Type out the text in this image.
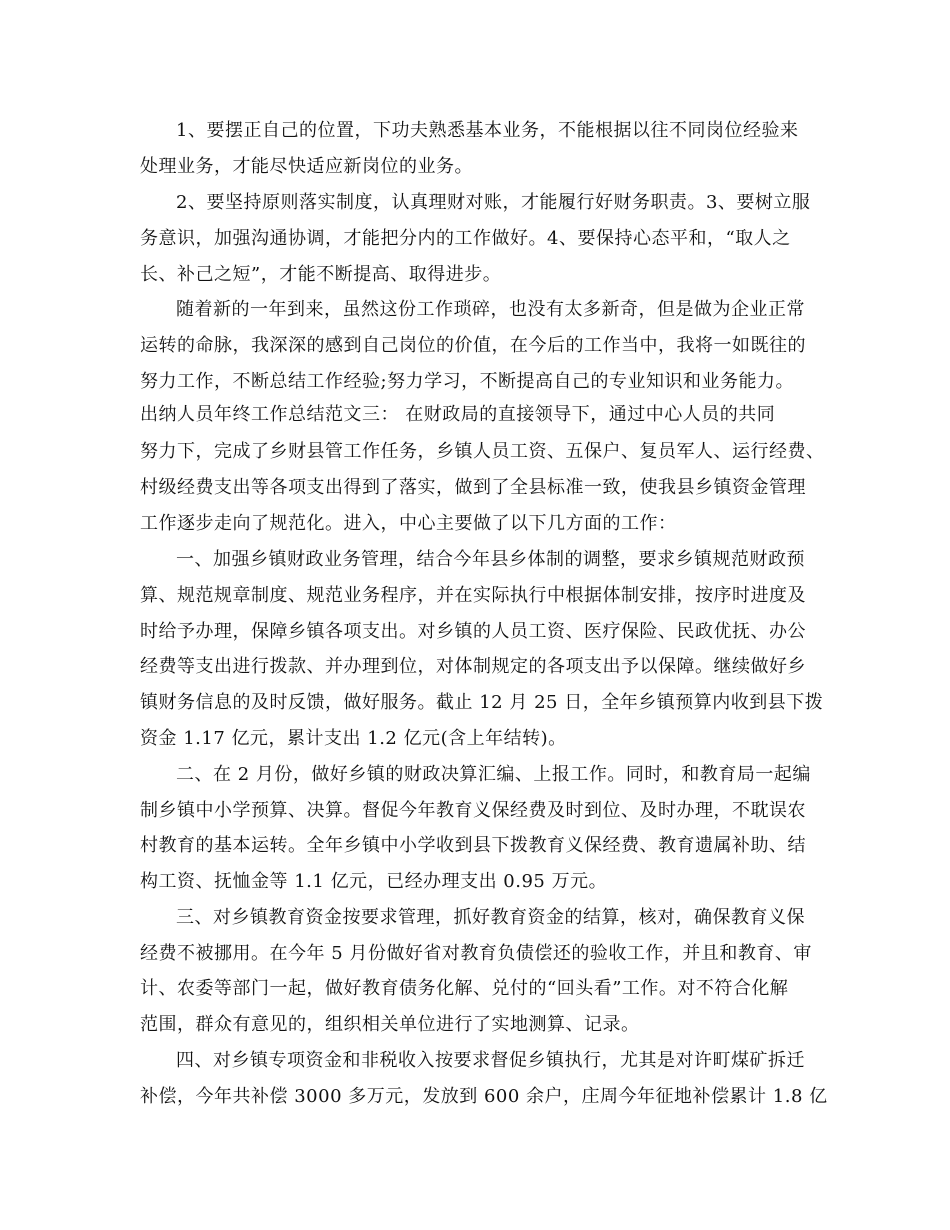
1、要摆正自己的位置，下功夫熟悉基本业务，不能根据以往不同岗位经验来
处理业务，才能尽快适应新岗位的业务。
2、要坚持原则落实制度，认真理财对账，才能履行好财务职责。3、要树立服
务意识，加强沟通协调，才能把分内的工作做好。4、要保持心态平和，“取人之
长、补己之短”，才能不断提高、取得进步。
随着新的一年到来，虽然这份工作琐碎，也没有太多新奇，但是做为企业正常
运转的命脉，我深深的感到自己岗位的价值，在今后的工作当中，我将一如既往的
努力工作，不断总结工作经验;努力学习，不断提高自己的专业知识和业务能力。
出纳人员年终工作总结范文三： 在财政局的直接领导下，通过中心人员的共同
努力下，完成了乡财县管工作任务，乡镇人员工资、五保户、复员军人、运行经费、
村级经费支出等各项支出得到了落实，做到了全县标准一致，使我县乡镇资金管理
工作逐步走向了规范化。进入，中心主要做了以下几方面的工作：
一、加强乡镇财政业务管理，结合今年县乡体制的调整，要求乡镇规范财政预
算、规范规章制度、规范业务程序，并在实际执行中根据体制安排，按序时进度及
时给予办理，保障乡镇各项支出。对乡镇的人员工资、医疗保险、民政优抚、办公
经费等支出进行拨款、并办理到位，对体制规定的各项支出予以保障。继续做好乡
镇财务信息的及时反馈，做好服务。截止 12 月 25 日，全年乡镇预算内收到县下拨
资金 1.17 亿元，累计支出 1.2 亿元(含上年结转)。
二、在 2 月份，做好乡镇的财政决算汇编、上报工作。同时，和教育局一起编
制乡镇中小学预算、决算。督促今年教育义保经费及时到位、及时办理，不耽误农
村教育的基本运转。全年乡镇中小学收到县下拨教育义保经费、教育遗属补助、结
构工资、抚恤金等 1.1 亿元，已经办理支出 0.95 万元。
三、对乡镇教育资金按要求管理，抓好教育资金的结算，核对，确保教育义保
经费不被挪用。在今年 5 月份做好省对教育负债偿还的验收工作，并且和教育、审
计、农委等部门一起，做好教育债务化解、兑付的“回头看”工作。对不符合化解
范围，群众有意见的，组织相关单位进行了实地测算、记录。
四、对乡镇专项资金和非税收入按要求督促乡镇执行，尤其是对许町煤矿拆迁
补偿，今年共补偿 3000 多万元，发放到 600 余户，庄周今年征地补偿累计 1.8 亿
